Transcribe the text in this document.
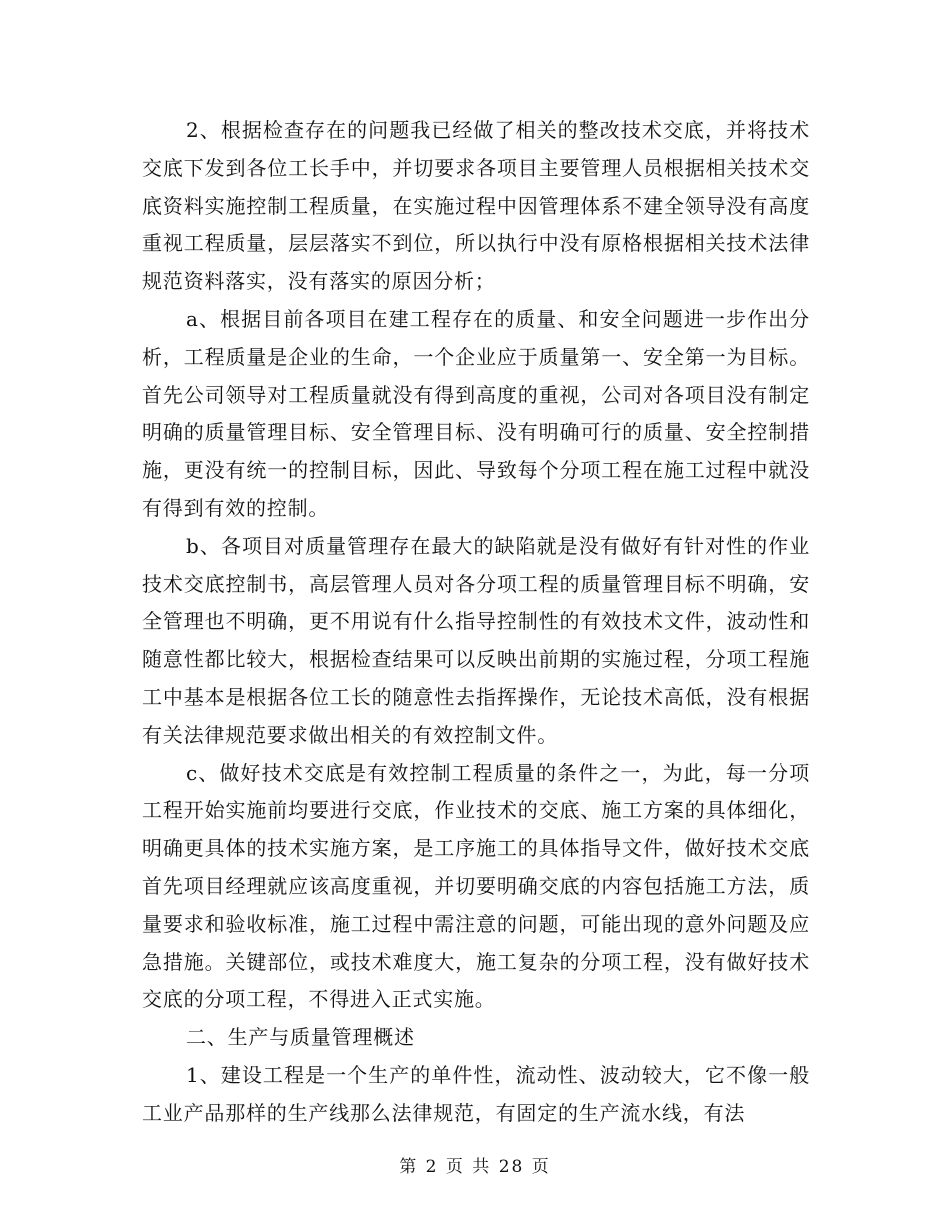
2、根据检查存在的问题我已经做了相关的整改技术交底，并将技术交底下发到各位工长手中，并切要求各项目主要管理人员根据相关技术交底资料实施控制工程质量，在实施过程中因管理体系不建全领导没有高度重视工程质量，层层落实不到位，所以执行中没有原格根据相关技术法律规范资料落实，没有落实的原因分析；

a、根据目前各项目在建工程存在的质量、和安全问题进一步作出分析，工程质量是企业的生命，一个企业应于质量第一、安全第一为目标。首先公司领导对工程质量就没有得到高度的重视，公司对各项目没有制定明确的质量管理目标、安全管理目标、没有明确可行的质量、安全控制措施，更没有统一的控制目标，因此、导致每个分项工程在施工过程中就没有得到有效的控制。

b、各项目对质量管理存在最大的缺陷就是没有做好有针对性的作业技术交底控制书，高层管理人员对各分项工程的质量管理目标不明确，安全管理也不明确，更不用说有什么指导控制性的有效技术文件，波动性和随意性都比较大，根据检查结果可以反映出前期的实施过程，分项工程施工中基本是根据各位工长的随意性去指挥操作，无论技术高低，没有根据有关法律规范要求做出相关的有效控制文件。

c、做好技术交底是有效控制工程质量的条件之一，为此，每一分项工程开始实施前均要进行交底，作业技术的交底、施工方案的具体细化，明确更具体的技术实施方案，是工序施工的具体指导文件，做好技术交底首先项目经理就应该高度重视，并切要明确交底的内容包括施工方法，质量要求和验收标准，施工过程中需注意的问题，可能出现的意外问题及应急措施。关键部位，或技术难度大，施工复杂的分项工程，没有做好技术交底的分项工程，不得进入正式实施。

二、生产与质量管理概述

1、建设工程是一个生产的单件性，流动性、波动较大，它不像一般工业产品那样的生产线那么法律规范，有固定的生产流水线，有法

第 2 页 共 28 页
